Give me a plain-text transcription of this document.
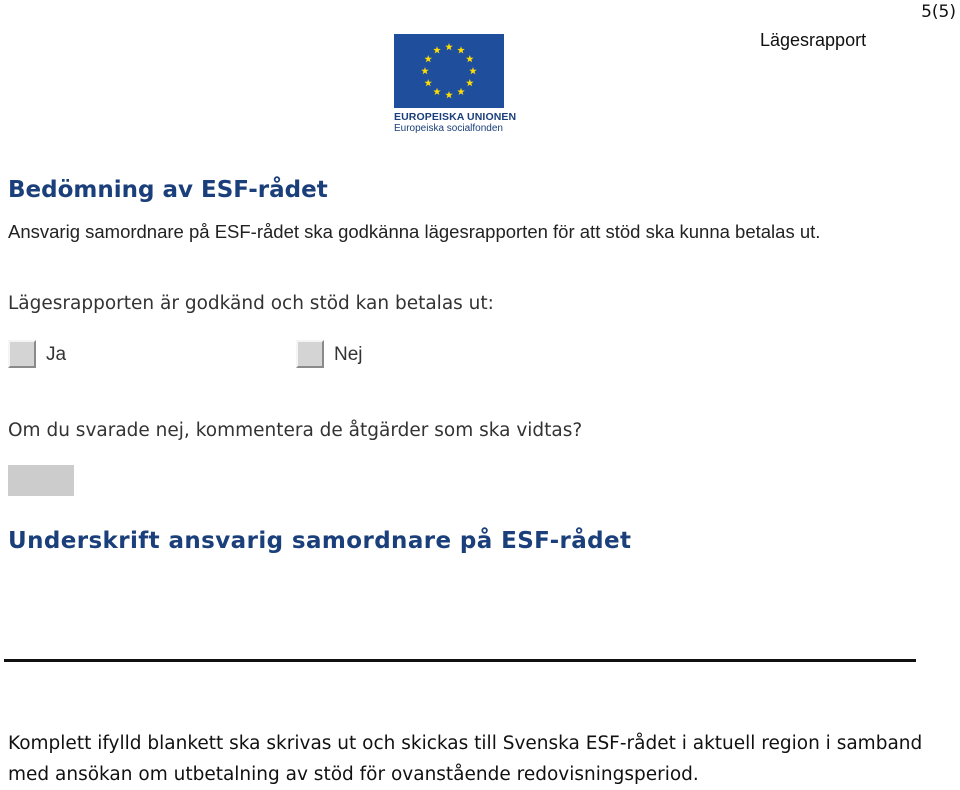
5(5)
Lägesrapport
EUROPEISKA UNIONEN
Europeiska socialfonden
Bedömning av ESF-rådet
Ansvarig samordnare på ESF-rådet ska godkänna lägesrapporten för att stöd ska kunna betalas ut.
Lägesrapporten är godkänd och stöd kan betalas ut:
Ja	Nej
Om du svarade nej, kommentera de åtgärder som ska vidtas?
Underskrift ansvarig samordnare på ESF-rådet
Komplett ifylld blankett ska skrivas ut och skickas till Svenska ESF-rådet i aktuell region i samband med ansökan om utbetalning av stöd för ovanstående redovisningsperiod.
